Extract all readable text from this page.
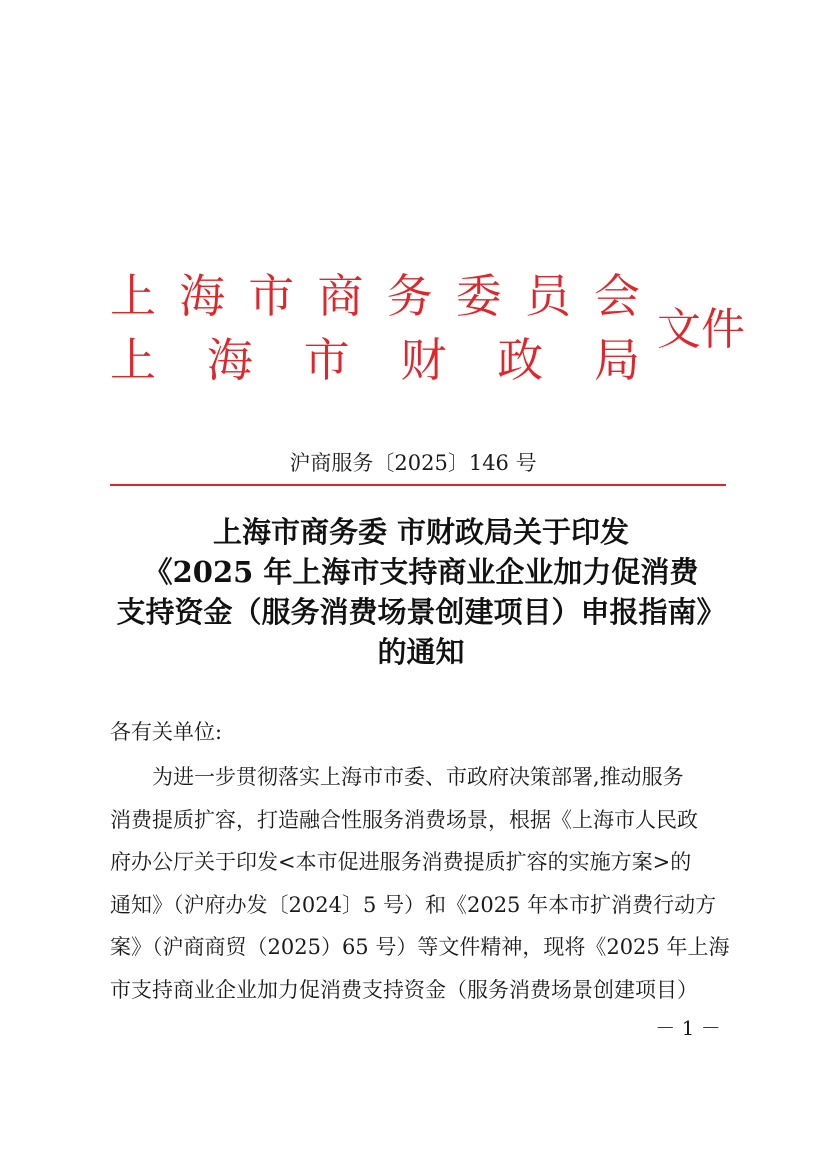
上 海 市 商 务 委 员 会
上 海 市 财 政 局
文件
沪商服务〔2025〕146 号
上海市商务委 市财政局关于印发
《2025 年上海市支持商业企业加力促消费
支持资金（服务消费场景创建项目）申报指南》
的通知
各有关单位:
为进一步贯彻落实上海市市委、市政府决策部署,推动服务
消费提质扩容，打造融合性服务消费场景，根据《上海市人民政
府办公厅关于印发<本市促进服务消费提质扩容的实施方案>的
通知》（沪府办发〔2024〕5 号）和《2025 年本市扩消费行动方
案》（沪商商贸（2025）65 号）等文件精神，现将《2025 年上海
市支持商业企业加力促消费支持资金（服务消费场景创建项目）
－ 1 －
